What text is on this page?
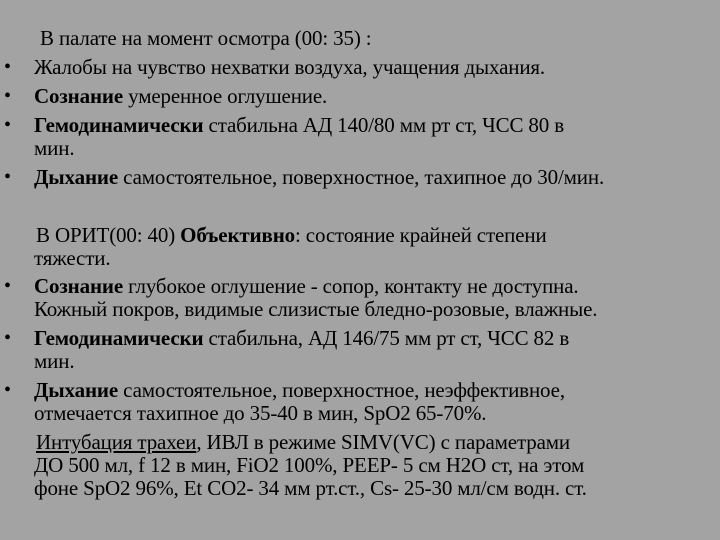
В палате на момент осмотра (00: 35) :
• Жалобы на чувство нехватки воздуха, учащения дыхания.
• Сознание умеренное оглушение.
• Гемодинамически стабильна АД 140/80 мм рт ст, ЧСС 80 в
мин.
• Дыхание самостоятельное, поверхностное, тахипное до 30/мин.
В ОРИТ(00: 40) Объективно: состояние крайней степени
тяжести.
• Сознание глубокое оглушение - сопор, контакту не доступна.
Кожный покров, видимые слизистые бледно-розовые, влажные.
• Гемодинамически стабильна, АД 146/75 мм рт ст, ЧСС 82 в
мин.
• Дыхание самостоятельное, поверхностное, неэффективное,
отмечается тахипное до 35-40 в мин, SpO2 65-70%.
Интубация трахеи, ИВЛ в режиме SIMV(VC) с параметрами
ДО 500 мл, f 12 в мин, FiO2 100%, PEEP- 5 см Н2О ст, на этом
фоне SpO2 96%, Et CO2- 34 мм рт.ст., Cs- 25-30 мл/см водн. ст.
